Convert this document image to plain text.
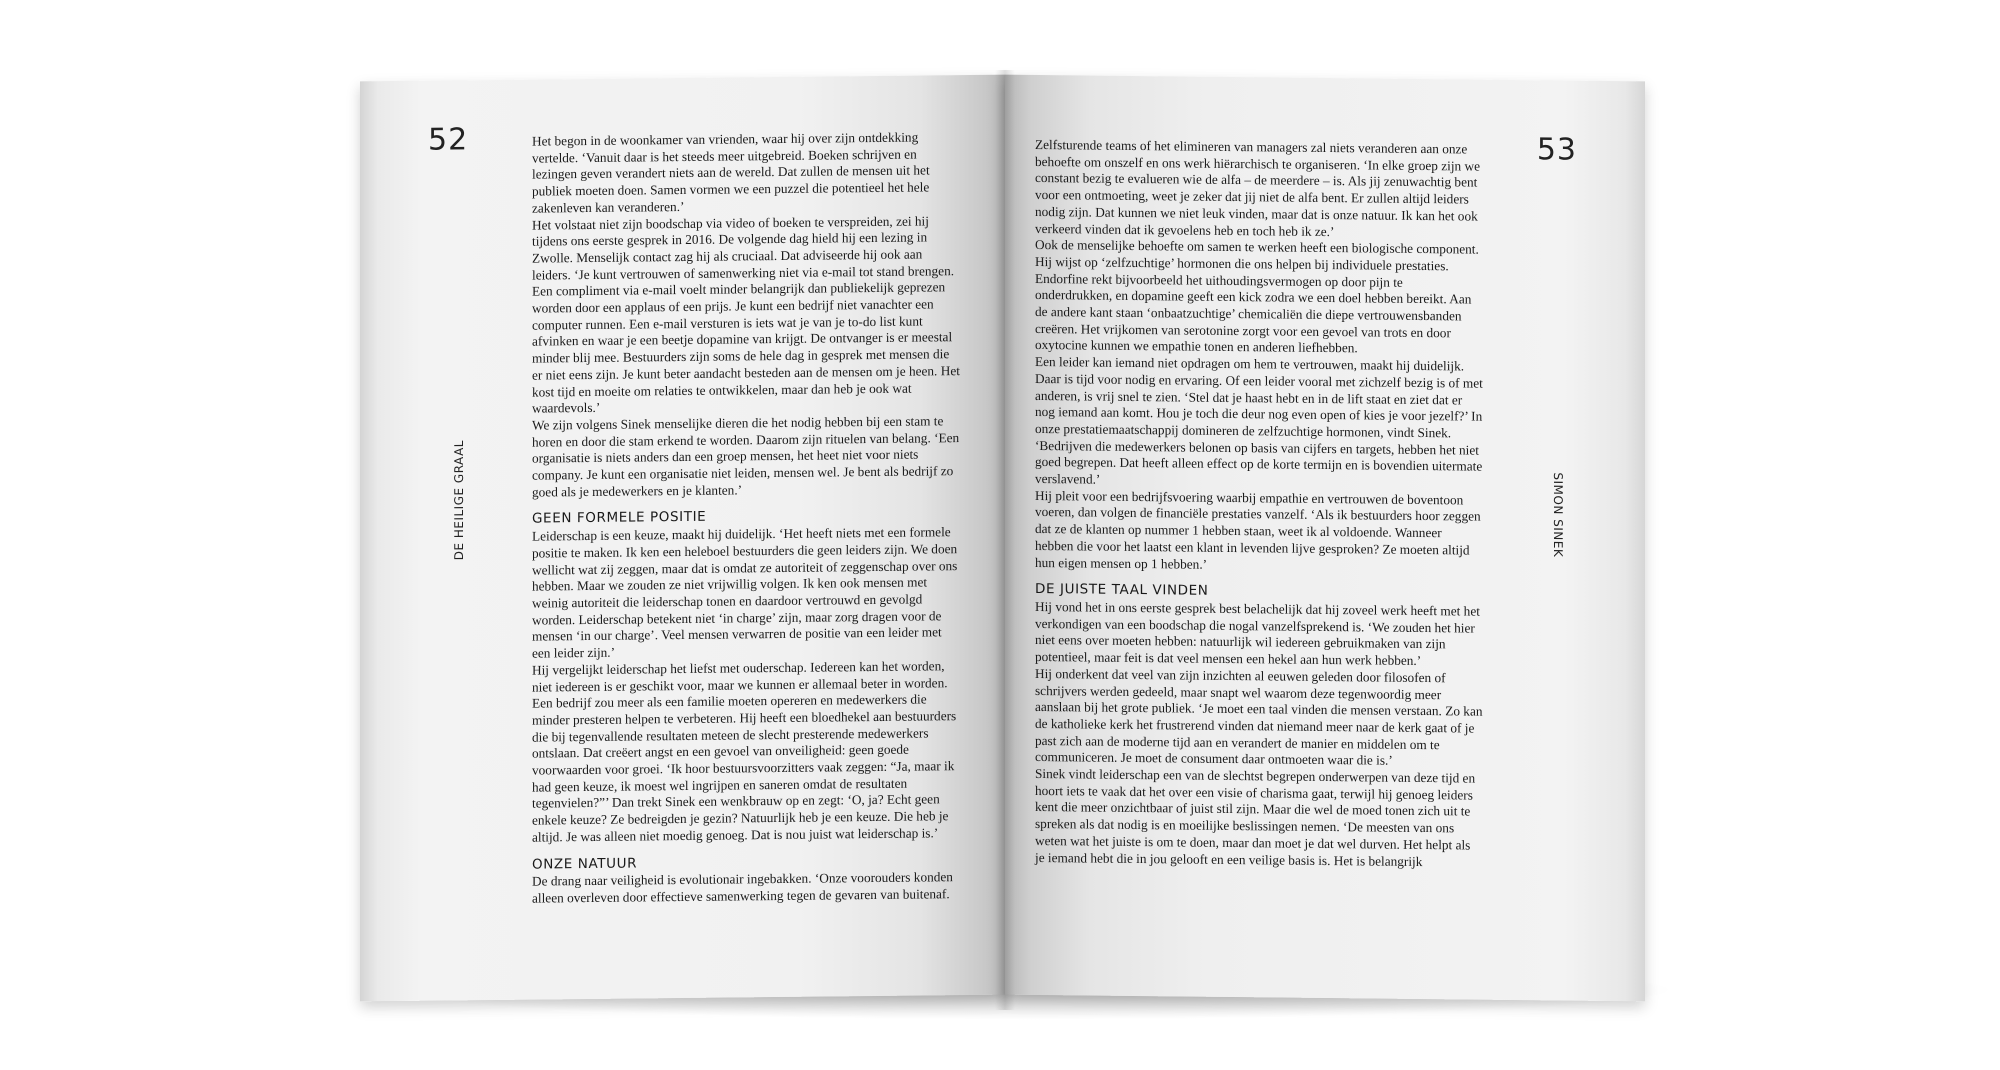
52
DE HEILIGE GRAAL

Het begon in de woonkamer van vrienden, waar hij over zijn ontdekking vertelde. ‘Vanuit daar is het steeds meer uitgebreid. Boeken schrijven en lezingen geven verandert niets aan de wereld. Dat zullen de mensen uit het publiek moeten doen. Samen vormen we een puzzel die potentieel het hele zakenleven kan veranderen.’

Het volstaat niet zijn boodschap via video of boeken te verspreiden, zei hij tijdens ons eerste gesprek in 2016. De volgende dag hield hij een lezing in Zwolle. Menselijk contact zag hij als cruciaal. Dat adviseerde hij ook aan leiders. ‘Je kunt vertrouwen of samenwerking niet via e-mail tot stand brengen. Een compliment via e-mail voelt minder belangrijk dan publiekelijk geprezen worden door een applaus of een prijs. Je kunt een bedrijf niet vanachter een computer runnen. Een e-mail versturen is iets wat je van je to-do list kunt afvinken en waar je een beetje dopamine van krijgt. De ontvanger is er meestal minder blij mee. Bestuurders zijn soms de hele dag in gesprek met mensen die er niet eens zijn. Je kunt beter aandacht besteden aan de mensen om je heen. Het kost tijd en moeite om relaties te ontwikkelen, maar dan heb je ook wat waardevols.’

We zijn volgens Sinek menselijke dieren die het nodig hebben bij een stam te horen en door die stam erkend te worden. Daarom zijn rituelen van belang. ‘Een organisatie is niets anders dan een groep mensen, het heet niet voor niets company. Je kunt een organisatie niet leiden, mensen wel. Je bent als bedrijf zo goed als je medewerkers en je klanten.’

GEEN FORMELE POSITIE

Leiderschap is een keuze, maakt hij duidelijk. ‘Het heeft niets met een formele positie te maken. Ik ken een heleboel bestuurders die geen leiders zijn. We doen wellicht wat zij zeggen, maar dat is omdat ze autoriteit of zeggenschap over ons hebben. Maar we zouden ze niet vrijwillig volgen. Ik ken ook mensen met weinig autoriteit die leiderschap tonen en daardoor vertrouwd en gevolgd worden. Leiderschap betekent niet ‘in charge’ zijn, maar zorg dragen voor de mensen ‘in our charge’. Veel mensen verwarren de positie van een leider met een leider zijn.’

Hij vergelijkt leiderschap het liefst met ouderschap. Iedereen kan het worden, niet iedereen is er geschikt voor, maar we kunnen er allemaal beter in worden. Een bedrijf zou meer als een familie moeten opereren en medewerkers die minder presteren helpen te verbeteren. Hij heeft een bloedhekel aan bestuurders die bij tegenvallende resultaten meteen de slecht presterende medewerkers ontslaan. Dat creëert angst en een gevoel van onveiligheid: geen goede voorwaarden voor groei. ‘Ik hoor bestuursvoorzitters vaak zeggen: “Ja, maar ik had geen keuze, ik moest wel ingrijpen en saneren omdat de resultaten tegenvielen?”’ Dan trekt Sinek een wenkbrauw op en zegt: ‘O, ja? Echt geen enkele keuze? Ze bedreigden je gezin? Natuurlijk heb je een keuze. Die heb je altijd. Je was alleen niet moedig genoeg. Dat is nou juist wat leiderschap is.’

ONZE NATUUR

De drang naar veiligheid is evolutionair ingebakken. ‘Onze voorouders konden alleen overleven door effectieve samenwerking tegen de gevaren van buitenaf.

53
SIMON SINEK

Zelfsturende teams of het elimineren van managers zal niets veranderen aan onze behoefte om onszelf en ons werk hiërarchisch te organiseren. ‘In elke groep zijn we constant bezig te evalueren wie de alfa – de meerdere – is. Als jij zenuwachtig bent voor een ontmoeting, weet je zeker dat jij niet de alfa bent. Er zullen altijd leiders nodig zijn. Dat kunnen we niet leuk vinden, maar dat is onze natuur. Ik kan het ook verkeerd vinden dat ik gevoelens heb en toch heb ik ze.’

Ook de menselijke behoefte om samen te werken heeft een biologische component. Hij wijst op ‘zelfzuchtige’ hormonen die ons helpen bij individuele prestaties. Endorfine rekt bijvoorbeeld het uithoudingsvermogen op door pijn te onderdrukken, en dopamine geeft een kick zodra we een doel hebben bereikt. Aan de andere kant staan ‘onbaatzuchtige’ chemicaliën die diepe vertrouwensbanden creëren. Het vrijkomen van serotonine zorgt voor een gevoel van trots en door oxytocine kunnen we empathie tonen en anderen liefhebben.

Een leider kan iemand niet opdragen om hem te vertrouwen, maakt hij duidelijk. Daar is tijd voor nodig en ervaring. Of een leider vooral met zichzelf bezig is of met anderen, is vrij snel te zien. ‘Stel dat je haast hebt en in de lift staat en ziet dat er nog iemand aan komt. Hou je toch die deur nog even open of kies je voor jezelf?’ In onze prestatiemaatschappij domineren de zelfzuchtige hormonen, vindt Sinek. ‘Bedrijven die medewerkers belonen op basis van cijfers en targets, hebben het niet goed begrepen. Dat heeft alleen effect op de korte termijn en is bovendien uitermate verslavend.’

Hij pleit voor een bedrijfsvoering waarbij empathie en vertrouwen de boventoon voeren, dan volgen de financiële prestaties vanzelf. ‘Als ik bestuurders hoor zeggen dat ze de klanten op nummer 1 hebben staan, weet ik al voldoende. Wanneer hebben die voor het laatst een klant in levenden lijve gesproken? Ze moeten altijd hun eigen mensen op 1 hebben.’

DE JUISTE TAAL VINDEN

Hij vond het in ons eerste gesprek best belachelijk dat hij zoveel werk heeft met het verkondigen van een boodschap die nogal vanzelfsprekend is. ‘We zouden het hier niet eens over moeten hebben: natuurlijk wil iedereen gebruikmaken van zijn potentieel, maar feit is dat veel mensen een hekel aan hun werk hebben.’

Hij onderkent dat veel van zijn inzichten al eeuwen geleden door filosofen of schrijvers werden gedeeld, maar snapt wel waarom deze tegenwoordig meer aanslaan bij het grote publiek. ‘Je moet een taal vinden die mensen verstaan. Zo kan de katholieke kerk het frustrerend vinden dat niemand meer naar de kerk gaat of je past zich aan de moderne tijd aan en verandert de manier en middelen om te communiceren. Je moet de consument daar ontmoeten waar die is.’

Sinek vindt leiderschap een van de slechtst begrepen onderwerpen van deze tijd en hoort iets te vaak dat het over een visie of charisma gaat, terwijl hij genoeg leiders kent die meer onzichtbaar of juist stil zijn. Maar die wel de moed tonen zich uit te spreken als dat nodig is en moeilijke beslissingen nemen. ‘De meesten van ons weten wat het juiste is om te doen, maar dan moet je dat wel durven. Het helpt als je iemand hebt die in jou gelooft en een veilige basis is. Het is belangrijk
